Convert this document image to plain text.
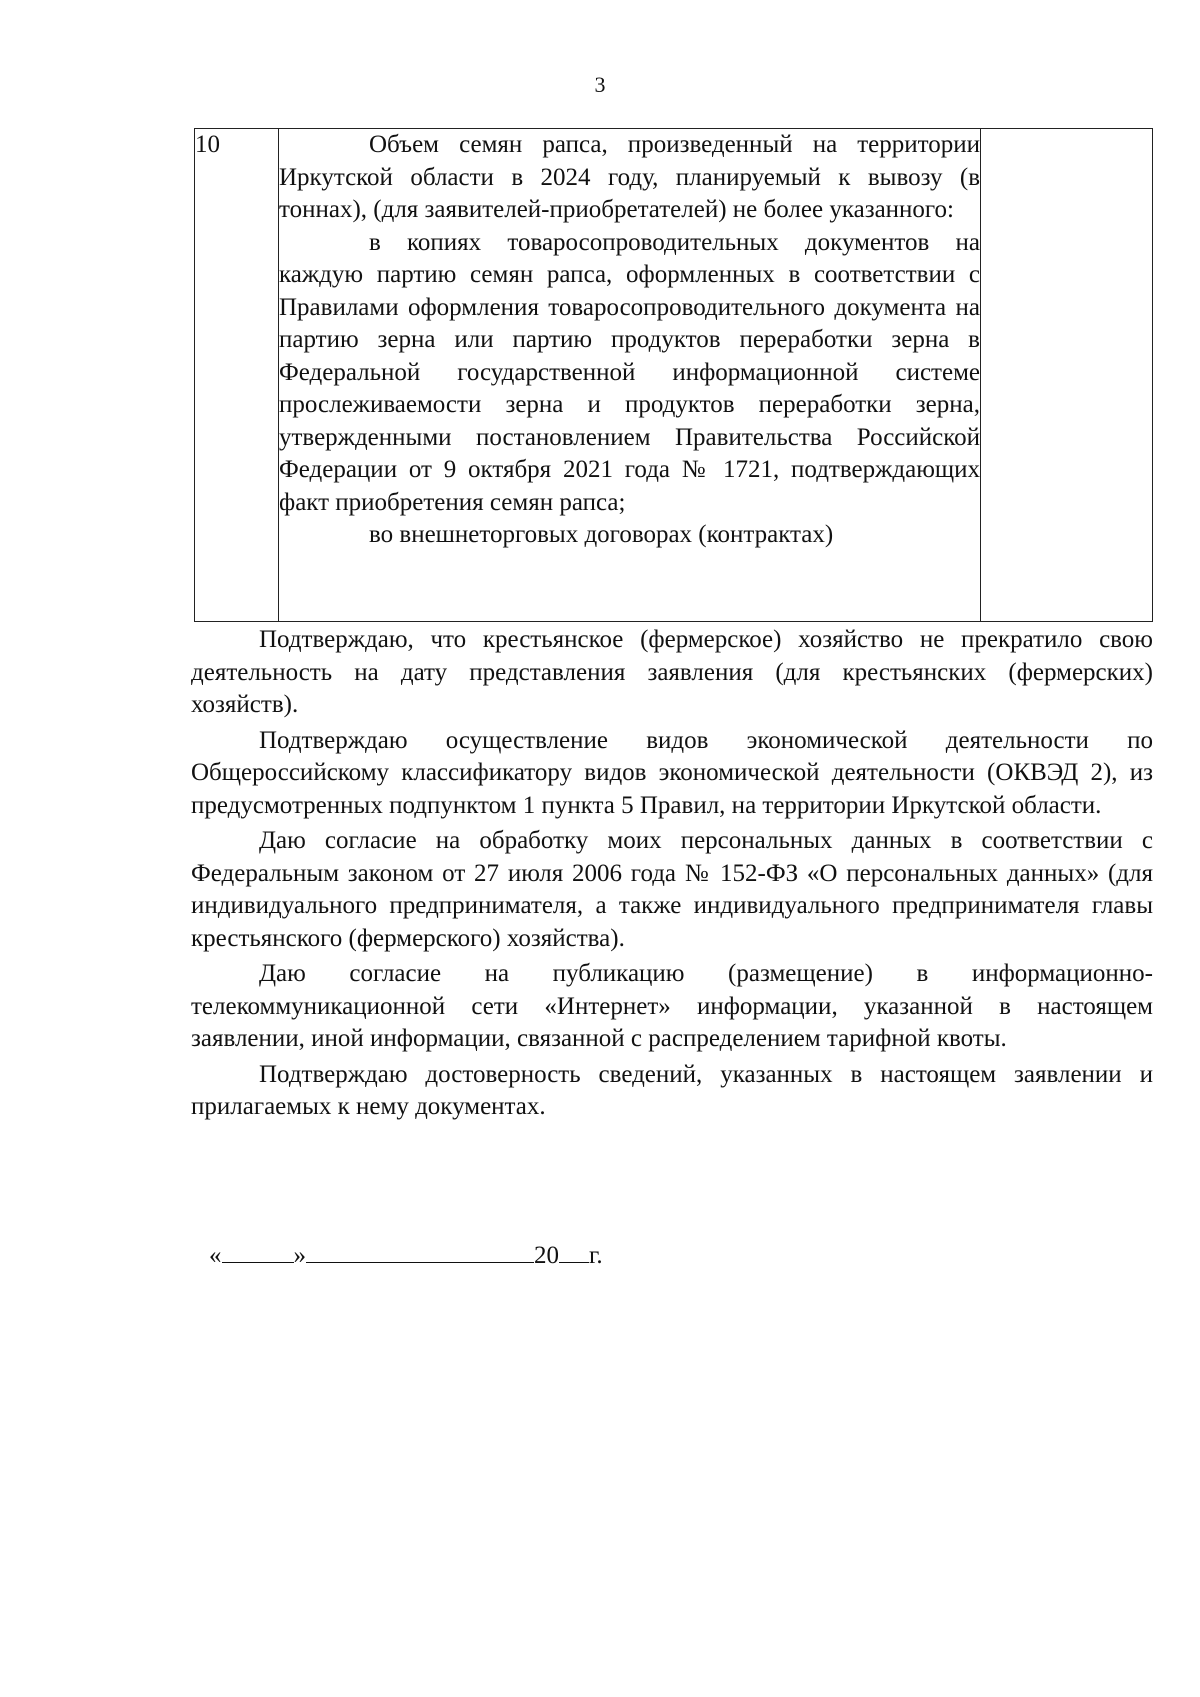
3
10	Объем семян рапса, произведенный на территории Иркутской области в 2024 году, планируемый к вывозу (в тоннах), (для заявителей-приобретателей) не более указанного:

в копиях товаросопроводительных документов на каждую партию семян рапса, оформленных в соответствии с Правилами оформления товаросопроводительного документа на партию зерна или партию продуктов переработки зерна в Федеральной государственной информационной системе прослеживаемости зерна и продуктов переработки зерна, утвержденными постановлением Правительства Российской Федерации от 9 октября 2021 года № 1721, подтверждающих факт приобретения семян рапса;

во внешнеторговых договорах (контрактах)

Подтверждаю, что крестьянское (фермерское) хозяйство не прекратило свою деятельность на дату представления заявления (для крестьянских (фермерских) хозяйств).

Подтверждаю осуществление видов экономической деятельности по Общероссийскому классификатору видов экономической деятельности (ОКВЭД 2), из предусмотренных подпунктом 1 пункта 5 Правил, на территории Иркутской области.

Даю согласие на обработку моих персональных данных в соответствии с Федеральным законом от 27 июля 2006 года № 152-ФЗ «О персональных данных» (для индивидуального предпринимателя, а также индивидуального предпринимателя главы крестьянского (фермерского) хозяйства).

Даю согласие на публикацию (размещение) в информационно-телекоммуникационной сети «Интернет» информации, указанной в настоящем заявлении, иной информации, связанной с распределением тарифной квоты.

Подтверждаю достоверность сведений, указанных в настоящем заявлении и прилагаемых к нему документах.

«	»	20 г.
